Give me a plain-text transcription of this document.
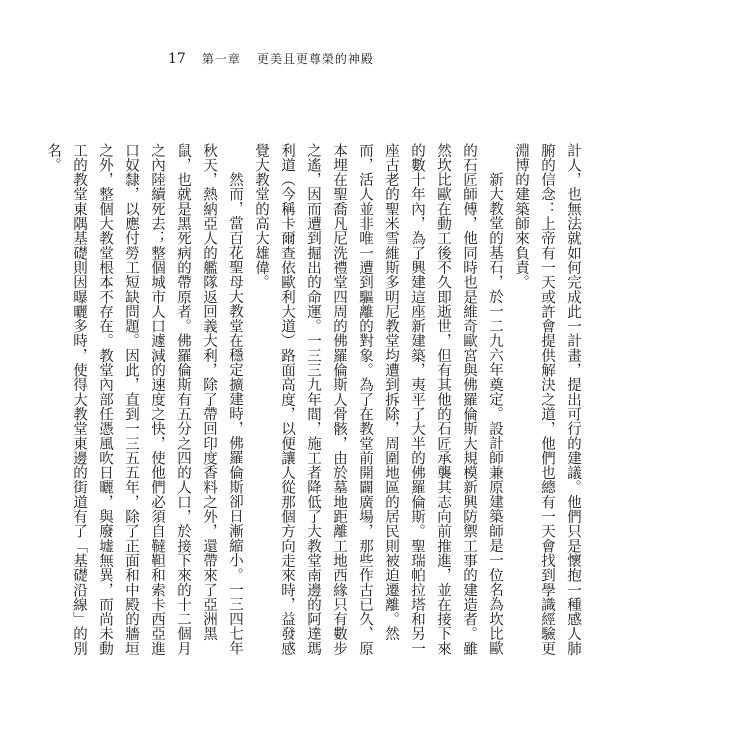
17 第一章 更美且更尊榮的神殿

計人，也無法就如何完成此一計畫，提出可行的建議。他們只是懷抱一種感人肺腑的信念：上帝有一天或許會提供解決之道，他們也總有一天會找到學識經驗更淵博的建築師來負責。

新大教堂的基石，於一二九六年奠定。設計師兼原建築師是一位名為坎比歐的石匠師傅，他同時也是維奇歐宮與佛羅倫斯大規模新興防禦工事的建造者。雖然坎比歐在動工後不久即逝世，但有其他的石匠承襲其志向前推進，並在接下來的數十年內，為了興建這座新建築，夷平了大半的佛羅倫斯。聖瑞帕拉塔和另一座古老的聖米雪維斯多明尼教堂均遭到拆除，周圍地區的居民則被迫遷離。然而，活人並非唯一遭到驅離的對象。為了在教堂前開闢廣場，那些作古已久、原本埋在聖喬凡尼洗禮堂四周的佛羅倫斯人骨骸，由於墓地距離工地西緣只有數步之遙，因而遭到掘出的命運。一三三九年間，施工者降低了大教堂南邊的阿達瑪利道（今稱卡爾查依歐利大道）路面高度，以便讓人從那個方向走來時，益發感覺大教堂的高大雄偉。

然而，當百花聖母大教堂在穩定擴建時，佛羅倫斯卻日漸縮小。一三四七年秋天，熱納亞人的艦隊返回義大利，除了帶回印度香料之外，還帶來了亞洲黑鼠，也就是黑死病的帶原者。佛羅倫斯有五分之四的人口，於接下來的十二個月之內陸續死去；整個城市人口遽減的速度之快，使他們必須自韃靼和索卡西亞進口奴隸，以應付勞工短缺問題。因此，直到一三五五年，除了正面和中殿的牆垣之外，整個大教堂根本不存在。教堂內部任憑風吹日曬，與廢墟無異，而尚未動工的教堂東隅基礎則因曝曬多時，使得大教堂東邊的街道有了「基礎沿線」的別名。
